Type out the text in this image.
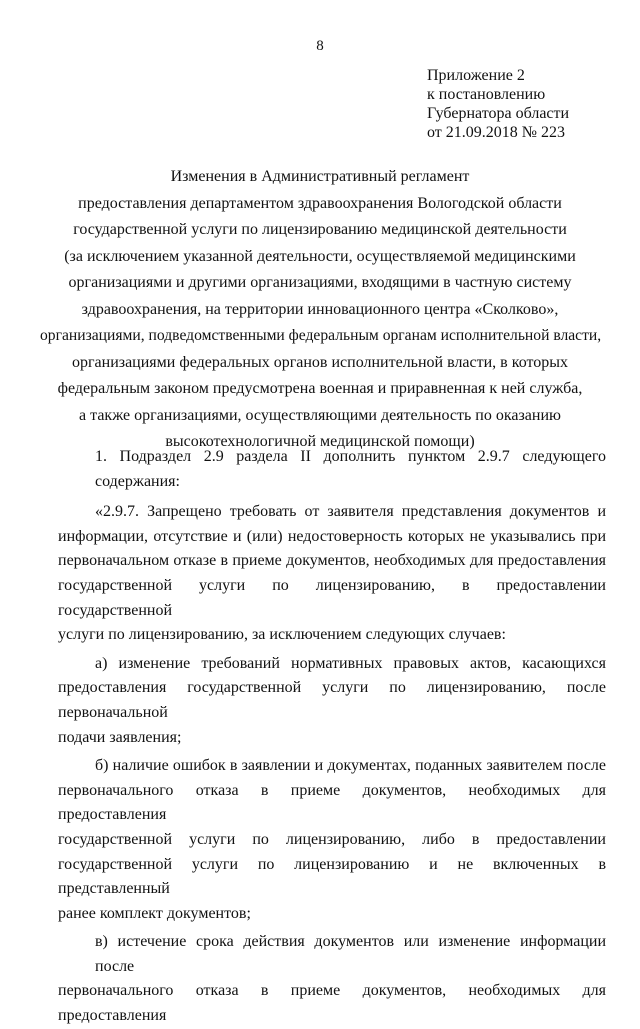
8
Приложение 2
к постановлению
Губернатора области
от 21.09.2018 № 223
Изменения в Административный регламент
предоставления департаментом здравоохранения Вологодской области
государственной услуги по лицензированию медицинской деятельности
(за исключением указанной деятельности, осуществляемой медицинскими
организациями и другими организациями, входящими в частную систему
здравоохранения, на территории инновационного центра «Сколково»,
организациями, подведомственными федеральным органам исполнительной власти,
организациями федеральных органов исполнительной власти, в которых
федеральным законом предусмотрена военная и приравненная к ней служба,
а также организациями, осуществляющими деятельность по оказанию
высокотехнологичной медицинской помощи)
1. Подраздел 2.9 раздела II дополнить пунктом 2.9.7 следующего содержания:
«2.9.7. Запрещено требовать от заявителя представления документов и
информации, отсутствие и (или) недостоверность которых не указывались при
первоначальном отказе в приеме документов, необходимых для предоставления
государственной услуги по лицензированию, в предоставлении государственной
услуги по лицензированию, за исключением следующих случаев:
а) изменение требований нормативных правовых актов, касающихся
предоставления государственной услуги по лицензированию, после первоначальной
подачи заявления;
б) наличие ошибок в заявлении и документах, поданных заявителем после
первоначального отказа в приеме документов, необходимых для предоставления
государственной услуги по лицензированию, либо в предоставлении
государственной услуги по лицензированию и не включенных в представленный
ранее комплект документов;
в) истечение срока действия документов или изменение информации после
первоначального отказа в приеме документов, необходимых для предоставления
